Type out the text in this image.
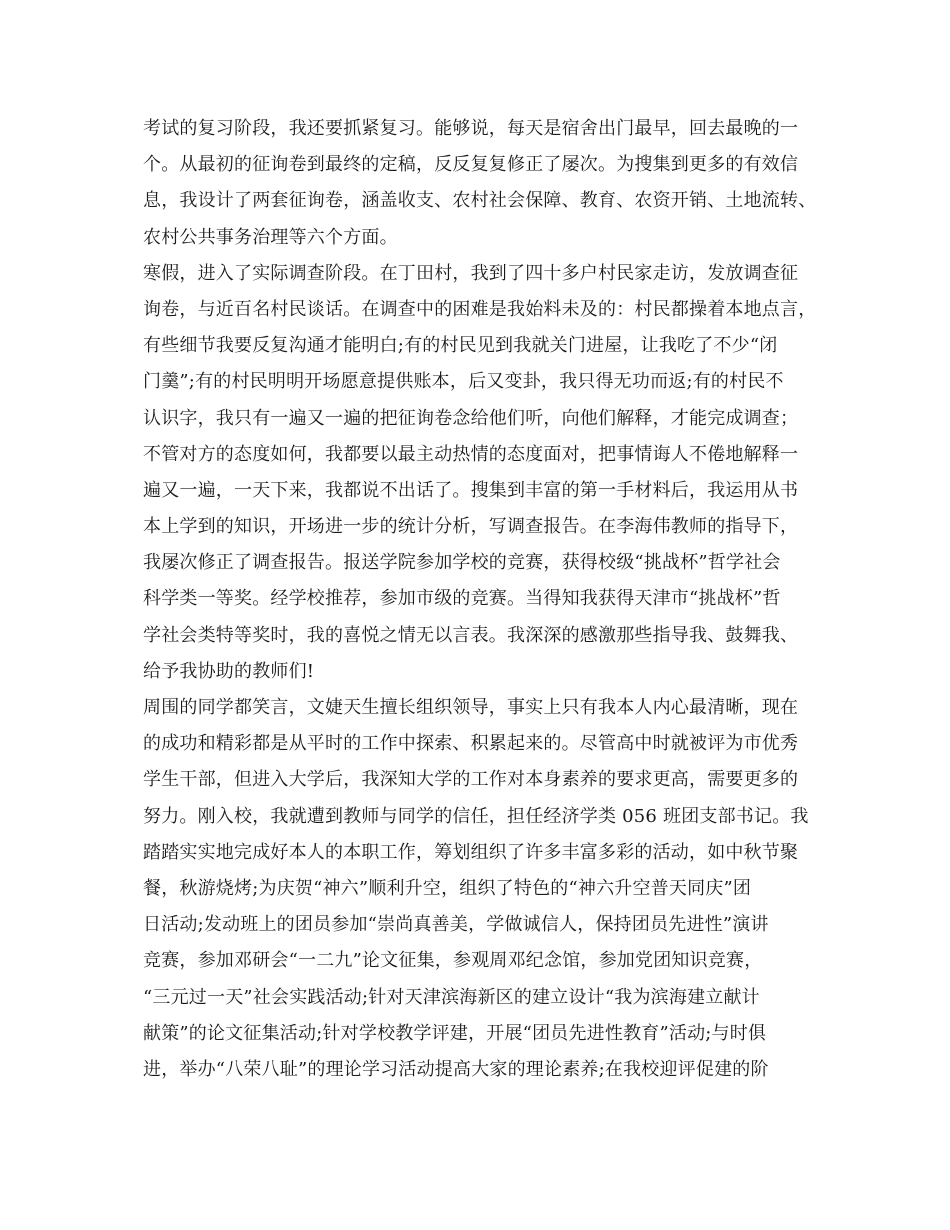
考试的复习阶段，我还要抓紧复习。能够说，每天是宿舍出门最早，回去最晚的一
个。从最初的征询卷到最终的定稿，反反复复修正了屡次。为搜集到更多的有效信
息，我设计了两套征询卷，涵盖收支、农村社会保障、教育、农资开销、土地流转、
农村公共事务治理等六个方面。
寒假，进入了实际调查阶段。在丁田村，我到了四十多户村民家走访，发放调查征
询卷，与近百名村民谈话。在调查中的困难是我始料未及的：村民都操着本地点言，
有些细节我要反复沟通才能明白;有的村民见到我就关门进屋，让我吃了不少“闭
门羹”;有的村民明明开场愿意提供账本，后又变卦，我只得无功而返;有的村民不
认识字，我只有一遍又一遍的把征询卷念给他们听，向他们解释，才能完成调查；
不管对方的态度如何，我都要以最主动热情的态度面对，把事情诲人不倦地解释一
遍又一遍，一天下来，我都说不出话了。搜集到丰富的第一手材料后，我运用从书
本上学到的知识，开场进一步的统计分析，写调查报告。在李海伟教师的指导下，
我屡次修正了调查报告。报送学院参加学校的竞赛，获得校级“挑战杯”哲学社会
科学类一等奖。经学校推荐，参加市级的竞赛。当得知我获得天津市“挑战杯”哲
学社会类特等奖时，我的喜悦之情无以言表。我深深的感激那些指导我、鼓舞我、
给予我协助的教师们!
周围的同学都笑言，文婕天生擅长组织领导，事实上只有我本人内心最清晰，现在
的成功和精彩都是从平时的工作中探索、积累起来的。尽管高中时就被评为市优秀
学生干部，但进入大学后，我深知大学的工作对本身素养的要求更高，需要更多的
努力。刚入校，我就遭到教师与同学的信任，担任经济学类 056 班团支部书记。我
踏踏实实地完成好本人的本职工作，筹划组织了许多丰富多彩的活动，如中秋节聚
餐，秋游烧烤;为庆贺“神六”顺利升空，组织了特色的“神六升空普天同庆”团
日活动;发动班上的团员参加“崇尚真善美，学做诚信人，保持团员先进性”演讲
竞赛，参加邓研会“一二九”论文征集，参观周邓纪念馆，参加党团知识竞赛，
“三元过一天”社会实践活动;针对天津滨海新区的建立设计“我为滨海建立献计
献策”的论文征集活动;针对学校教学评建，开展“团员先进性教育”活动;与时俱
进，举办“八荣八耻”的理论学习活动提高大家的理论素养;在我校迎评促建的阶
